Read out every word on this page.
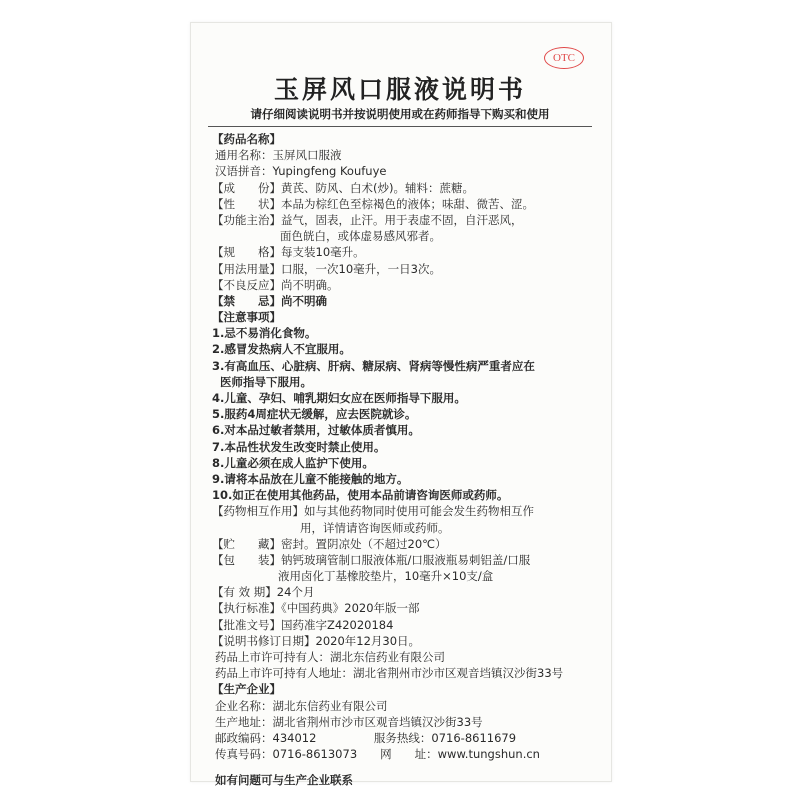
OTC
玉屏风口服液说明书
请仔细阅读说明书并按说明使用或在药师指导下购买和使用
【药品名称】
通用名称：玉屏风口服液
汉语拼音：Yupingfeng Koufuye
【成　　份】黄芪、防风、白术(炒)。辅料：蔗糖。
【性　　状】本品为棕红色至棕褐色的液体；味甜、微苦、涩。
【功能主治】益气，固表，止汗。用于表虚不固，自汗恶风，
面色㿠白，或体虚易感风邪者。
【规　　格】每支装10毫升。
【用法用量】口服，一次10毫升，一日3次。
【不良反应】尚不明确。
【禁　　忌】尚不明确
【注意事项】
1.忌不易消化食物。
2.感冒发热病人不宜服用。
3.有高血压、心脏病、肝病、糖尿病、肾病等慢性病严重者应在
医师指导下服用。
4.儿童、孕妇、哺乳期妇女应在医师指导下服用。
5.服药4周症状无缓解，应去医院就诊。
6.对本品过敏者禁用，过敏体质者慎用。
7.本品性状发生改变时禁止使用。
8.儿童必须在成人监护下使用。
9.请将本品放在儿童不能接触的地方。
10.如正在使用其他药品，使用本品前请咨询医师或药师。
【药物相互作用】如与其他药物同时使用可能会发生药物相互作
用，详情请咨询医师或药师。
【贮　　藏】密封。置阴凉处（不超过20℃）
【包　　装】钠钙玻璃管制口服液体瓶/口服液瓶易刺铝盖/口服
液用卤化丁基橡胶垫片，10毫升×10支/盒
【有 效 期】24个月
【执行标准】《中国药典》2020年版一部
【批准文号】国药准字Z42020184
【说明书修订日期】2020年12月30日。
药品上市许可持有人：湖北东信药业有限公司
药品上市许可持有人地址：湖北省荆州市沙市区观音垱镇汉沙街33号
【生产企业】
企业名称：湖北东信药业有限公司
生产地址：湖北省荆州市沙市区观音垱镇汉沙街33号
邮政编码：434012　　　　　服务热线：0716-8611679
传真号码：0716-8613073　　网　　址：www.tungshun.cn
如有问题可与生产企业联系
